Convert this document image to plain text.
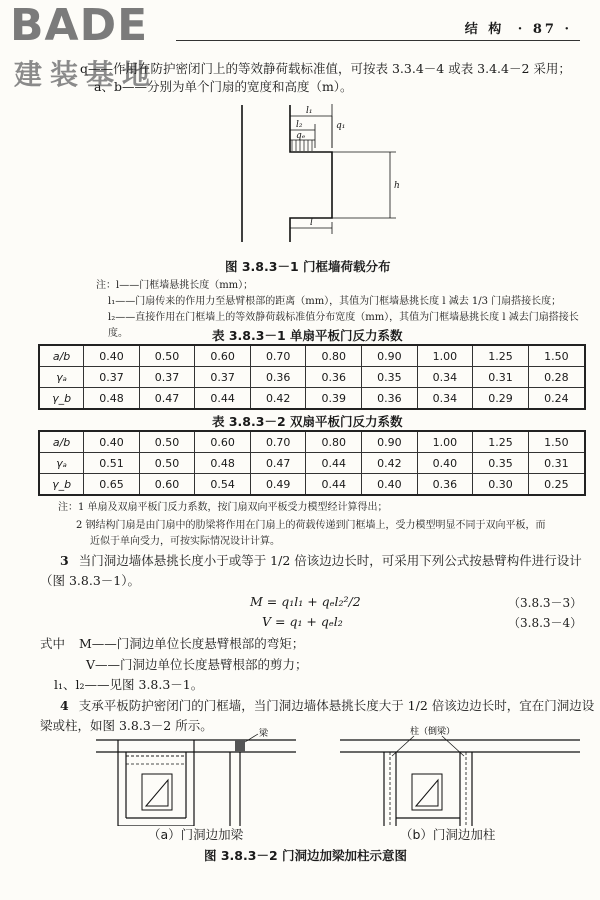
BADE
建装基地
结 构 · 87 ·
q——作用在防护密闭门上的等效静荷载标准值，可按表 3.3.4－4 或表 3.4.4－2 采用；
a、b——分别为单个门扇的宽度和高度（m）。
l₁
l₂	q₁
qₑ
h
l
图 3.8.3－1 门框墙荷载分布
注：l——门框墙悬挑长度（mm）；
l₁——门扇传来的作用力至悬臂根部的距离（mm），其值为门框墙悬挑长度 l 减去 1/3 门扇搭接长度；
l₂——直接作用在门框墙上的等效静荷载标准值分布宽度（mm），其值为门框墙悬挑长度 l 减去门扇搭接长度。	表 3.8.3－1 单扇平板门反力系数
a/b	0.40	0.50	0.60	0.70	0.80	0.90	1.00	1.25	1.50
γₐ	0.37	0.37	0.37	0.36	0.36	0.35	0.34	0.31	0.28
γ_b	0.48	0.47	0.44	0.42	0.39	0.36	0.34	0.29	0.24
表 3.8.3－2 双扇平板门反力系数
a/b	0.40	0.50	0.60	0.70	0.80	0.90	1.00	1.25	1.50
γₐ	0.51	0.50	0.48	0.47	0.44	0.42	0.40	0.35	0.31
γ_b	0.65	0.60	0.54	0.49	0.44	0.40	0.36	0.30	0.25
注：1 单扇及双扇平板门反力系数，按门扇双向平板受力模型经计算得出；
2 钢结构门扇是由门扇中的肋梁将作用在门扇上的荷载传递到门框墙上，受力模型明显不同于双向平板，而
近似于单向受力，可按实际情况设计计算。
3 当门洞边墙体悬挑长度小于或等于 1/2 倍该边边长时，可采用下列公式按悬臂构件进行设计
（图 3.8.3－1）。
M = q₁l₁ + qₑl₂²/2	（3.8.3－3）
V = q₁ + qₑl₂	（3.8.3－4）
式中 M——门洞边单位长度悬臂根部的弯矩；
V——门洞边单位长度悬臂根部的剪力；
l₁、l₂——见图 3.8.3－1。
4 支承平板防护密闭门的门框墙，当门洞边墙体悬挑长度大于 1/2 倍该边边长时，宜在门洞边设
梁或柱，如图 3.8.3－2 所示。
梁
（a）门洞边加梁
柱（倒梁）
（b）门洞边加柱
图 3.8.3－2 门洞边加梁加柱示意图
